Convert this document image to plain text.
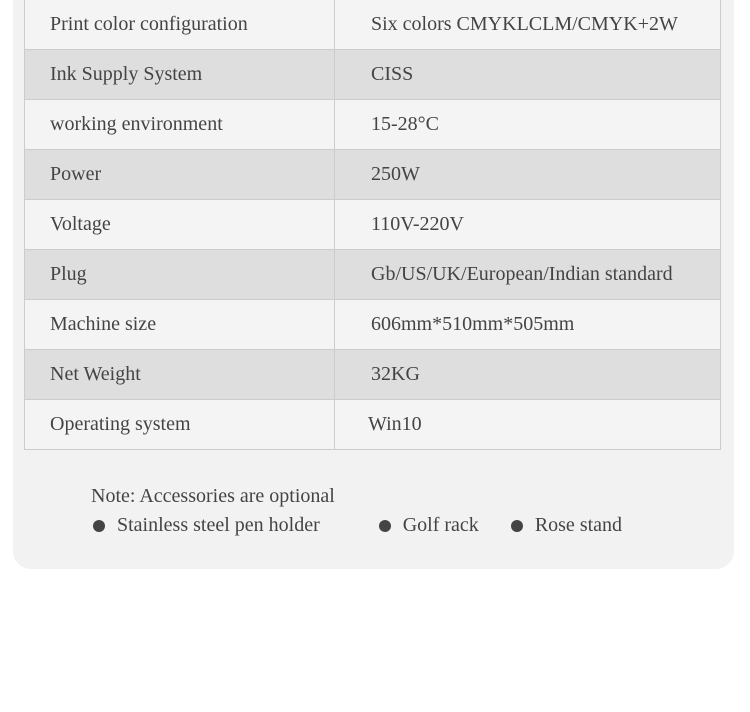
Print color configuration	Six colors CMYKLCLM/CMYK+2W
Ink Supply System	CISS
working environment	15-28°C
Power	250W
Voltage	110V-220V
Plug	Gb/US/UK/European/Indian standard
Machine size	606mm*510mm*505mm
Net Weight	32KG
Operating system	Win10
Note: Accessories are optional
Stainless steel pen holder	Golf rack	Rose stand
